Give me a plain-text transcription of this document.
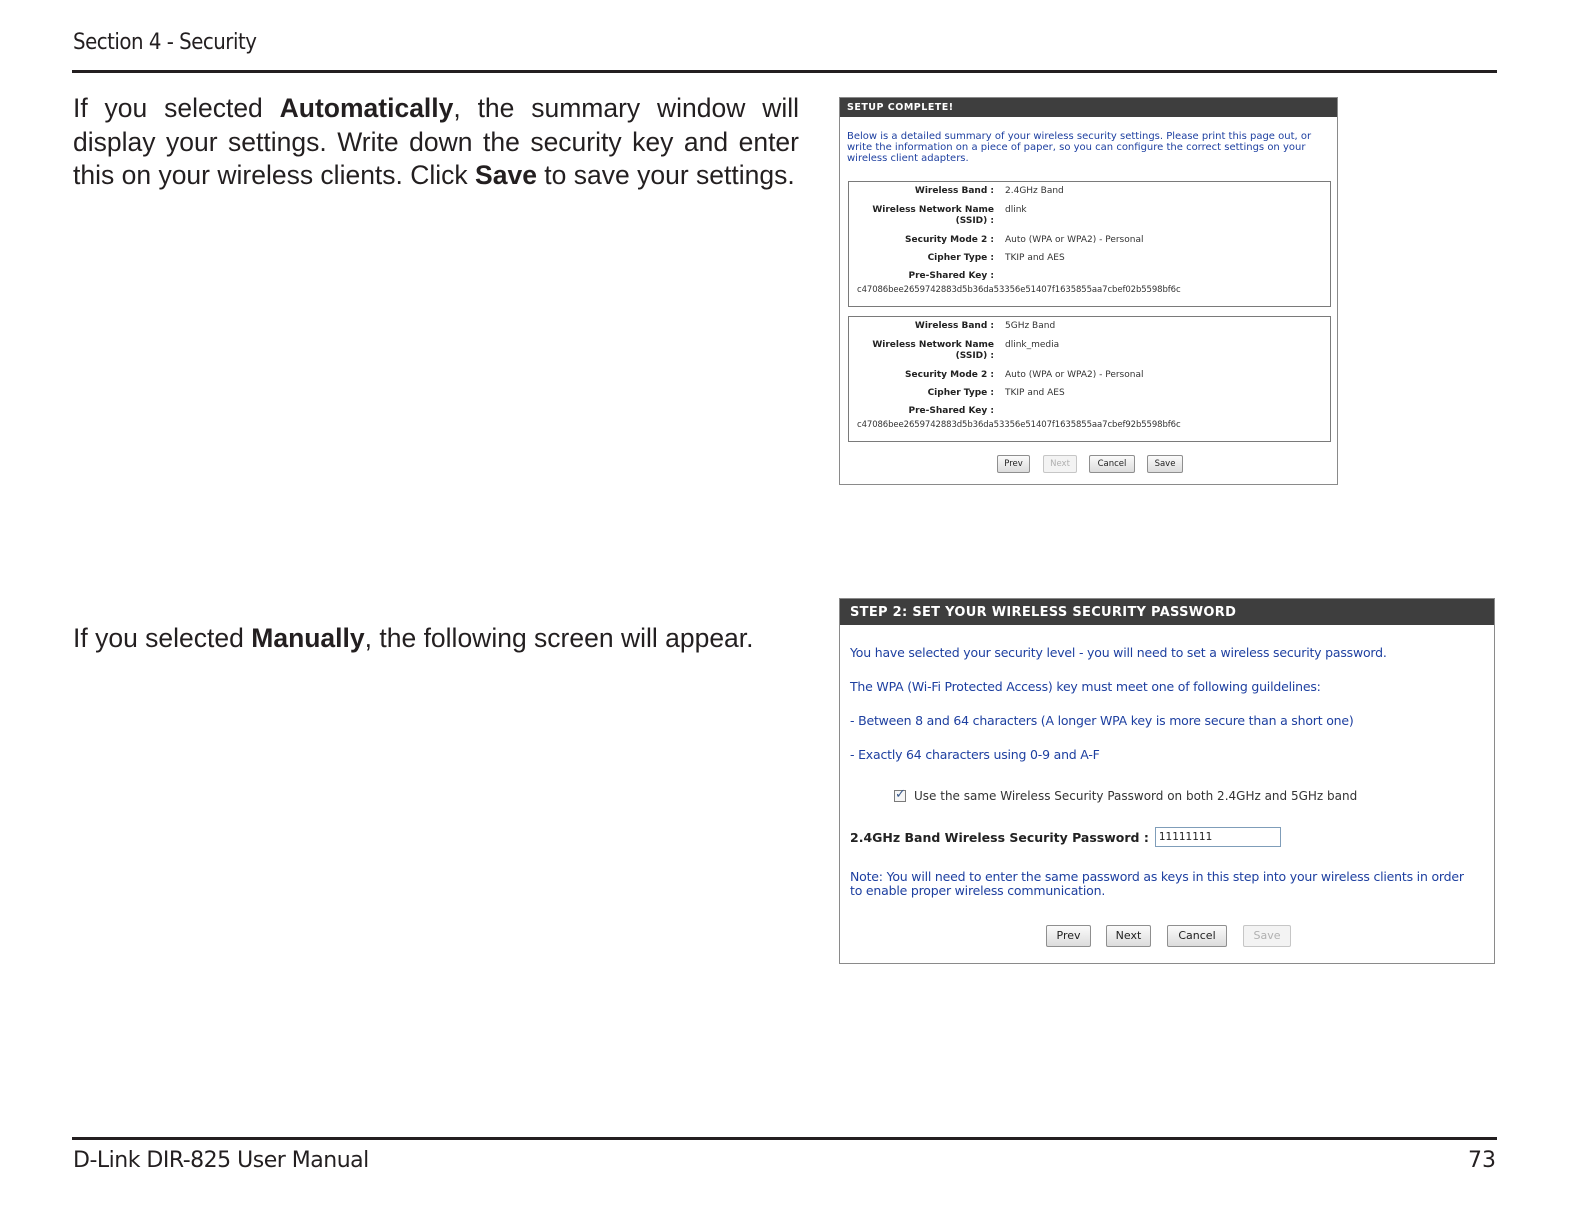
Section 4 - Security
If you selected Automatically, the summary window will display your settings. Write down the security key and enter this on your wireless clients. Click Save to save your settings.
If you selected Manually, the following screen will appear.
SETUP COMPLETE!
Below is a detailed summary of your wireless security settings. Please print this page out, or write the information on a piece of paper, so you can configure the correct settings on your wireless client adapters.
Wireless Band : 2.4GHz Band
Wireless Network Name dlink
(SSID) :
Security Mode 2 : Auto (WPA or WPA2) - Personal
Cipher Type : TKIP and AES
Pre-Shared Key :
c47086bee2659742883d5b36da53356e51407f1635855aa7cbef02b5598bf6c
Wireless Band : 5GHz Band
Wireless Network Name dlink_media
(SSID) :
Security Mode 2 : Auto (WPA or WPA2) - Personal
Cipher Type : TKIP and AES
Pre-Shared Key :
c47086bee2659742883d5b36da53356e51407f1635855aa7cbef92b5598bf6c
Prev	Next	Cancel	Save
STEP 2: SET YOUR WIRELESS SECURITY PASSWORD
You have selected your security level - you will need to set a wireless security password.
The WPA (Wi-Fi Protected Access) key must meet one of following guildelines:
- Between 8 and 64 characters (A longer WPA key is more secure than a short one)
- Exactly 64 characters using 0-9 and A-F
✓ Use the same Wireless Security Password on both 2.4GHz and 5GHz band
2.4GHz Band Wireless Security Password :
11111111
Note: You will need to enter the same password as keys in this step into your wireless clients in order to enable proper wireless communication.
Prev	Next	Cancel	Save
D-Link DIR-825 User Manual	73
